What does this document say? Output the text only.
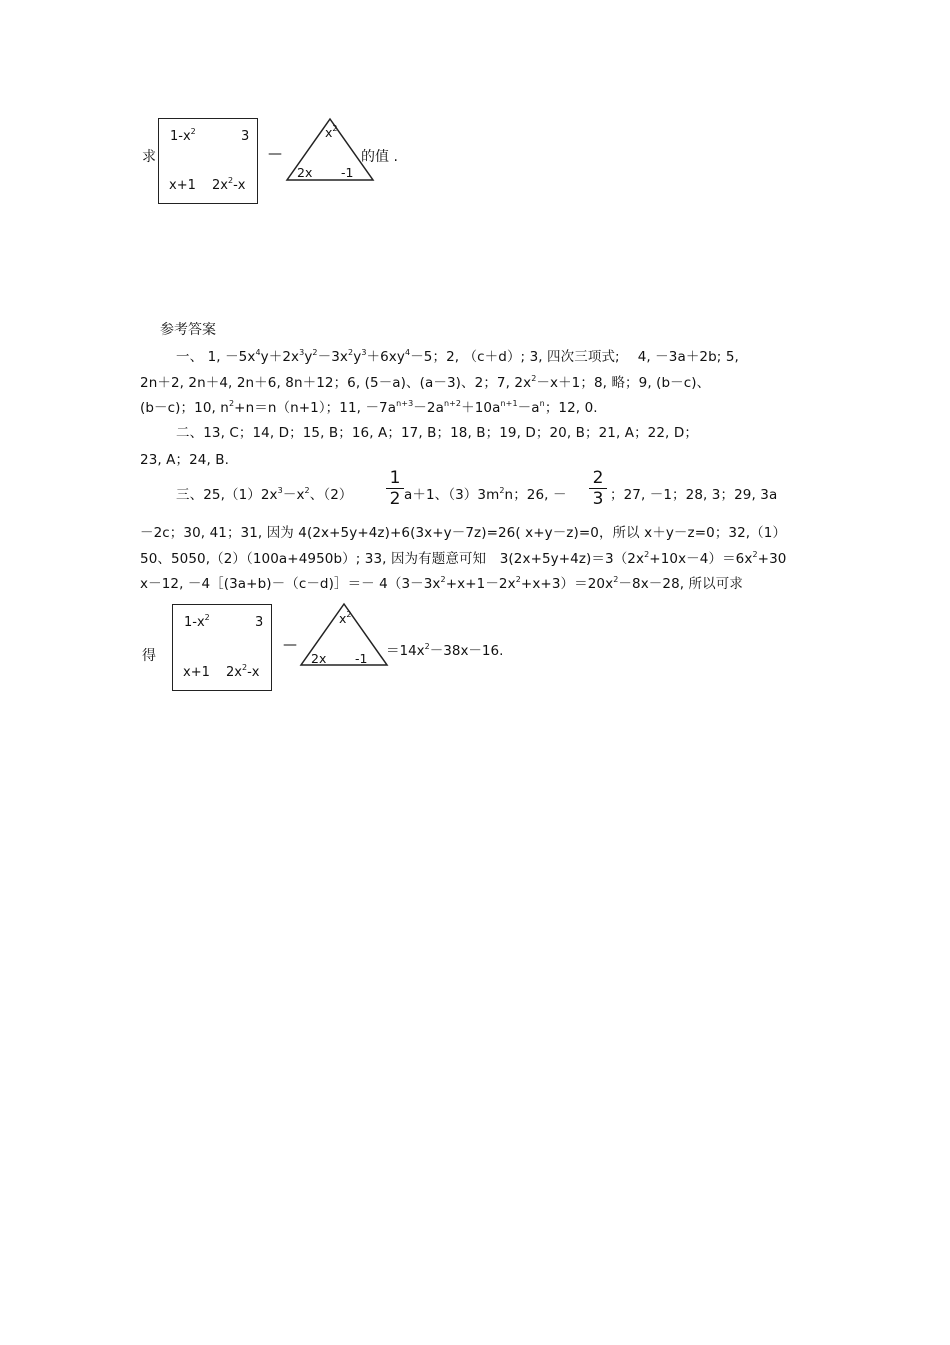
求
$1-x^2$	3
x+1 $2x^2-x$
—
$x^2$
2x -1
的值 .
参考答案
一、 1, $-5x^4y+2x^3y^2-3x^2y^3+6xy^4-5$；2, （c＋d）; 3, 四次三项式;　 4, －3a＋2b; 5,
2n＋2, 2n＋4, 2n＋6, 8n＋12；6, (5－a)、(a－3)、2；7, $2x^2-x+1$；8, 略；9, (b－c)、
(b－c)；10, $n^2+n=n(n+1)$；11, $-7a^{n+3}-2a^{n+2}+10a^{n+1}-a^n$；12, 0.
二、13, C；14, D；15, B；16, A；17, B；18, B；19, D；20, B；21, A；22, D；
23, A；24, B.
三、$25,(1)2x^3-x^2$、（2）
1
2 a＋1、$(3)3m^2n$；26, －
2
3 ；27, －1；28, 3；29, 3a
－2c；30, 41；31, 因为 4(2x+5y+4z)+6(3x+y－7z)=26( x+y－z)=0，所以 x＋y－z=0；32,（1）
50、5050,（2）（100a+4950b）; 33, 因为有题意可知　$3(2x+5y+4z)=3(2x^2+10x-4)=6x^2+30$
x－12, －4［(3a+b)－（c－d)］＝－ $4(3-3x^2+x+1-2x^2+x+3)=20x^2-8x-28$, 所以可求
得
$1-x^2$	3
x+1 $2x^2-x$
—
$x^2$
2x $-1 =14x^2-38x-16$.
